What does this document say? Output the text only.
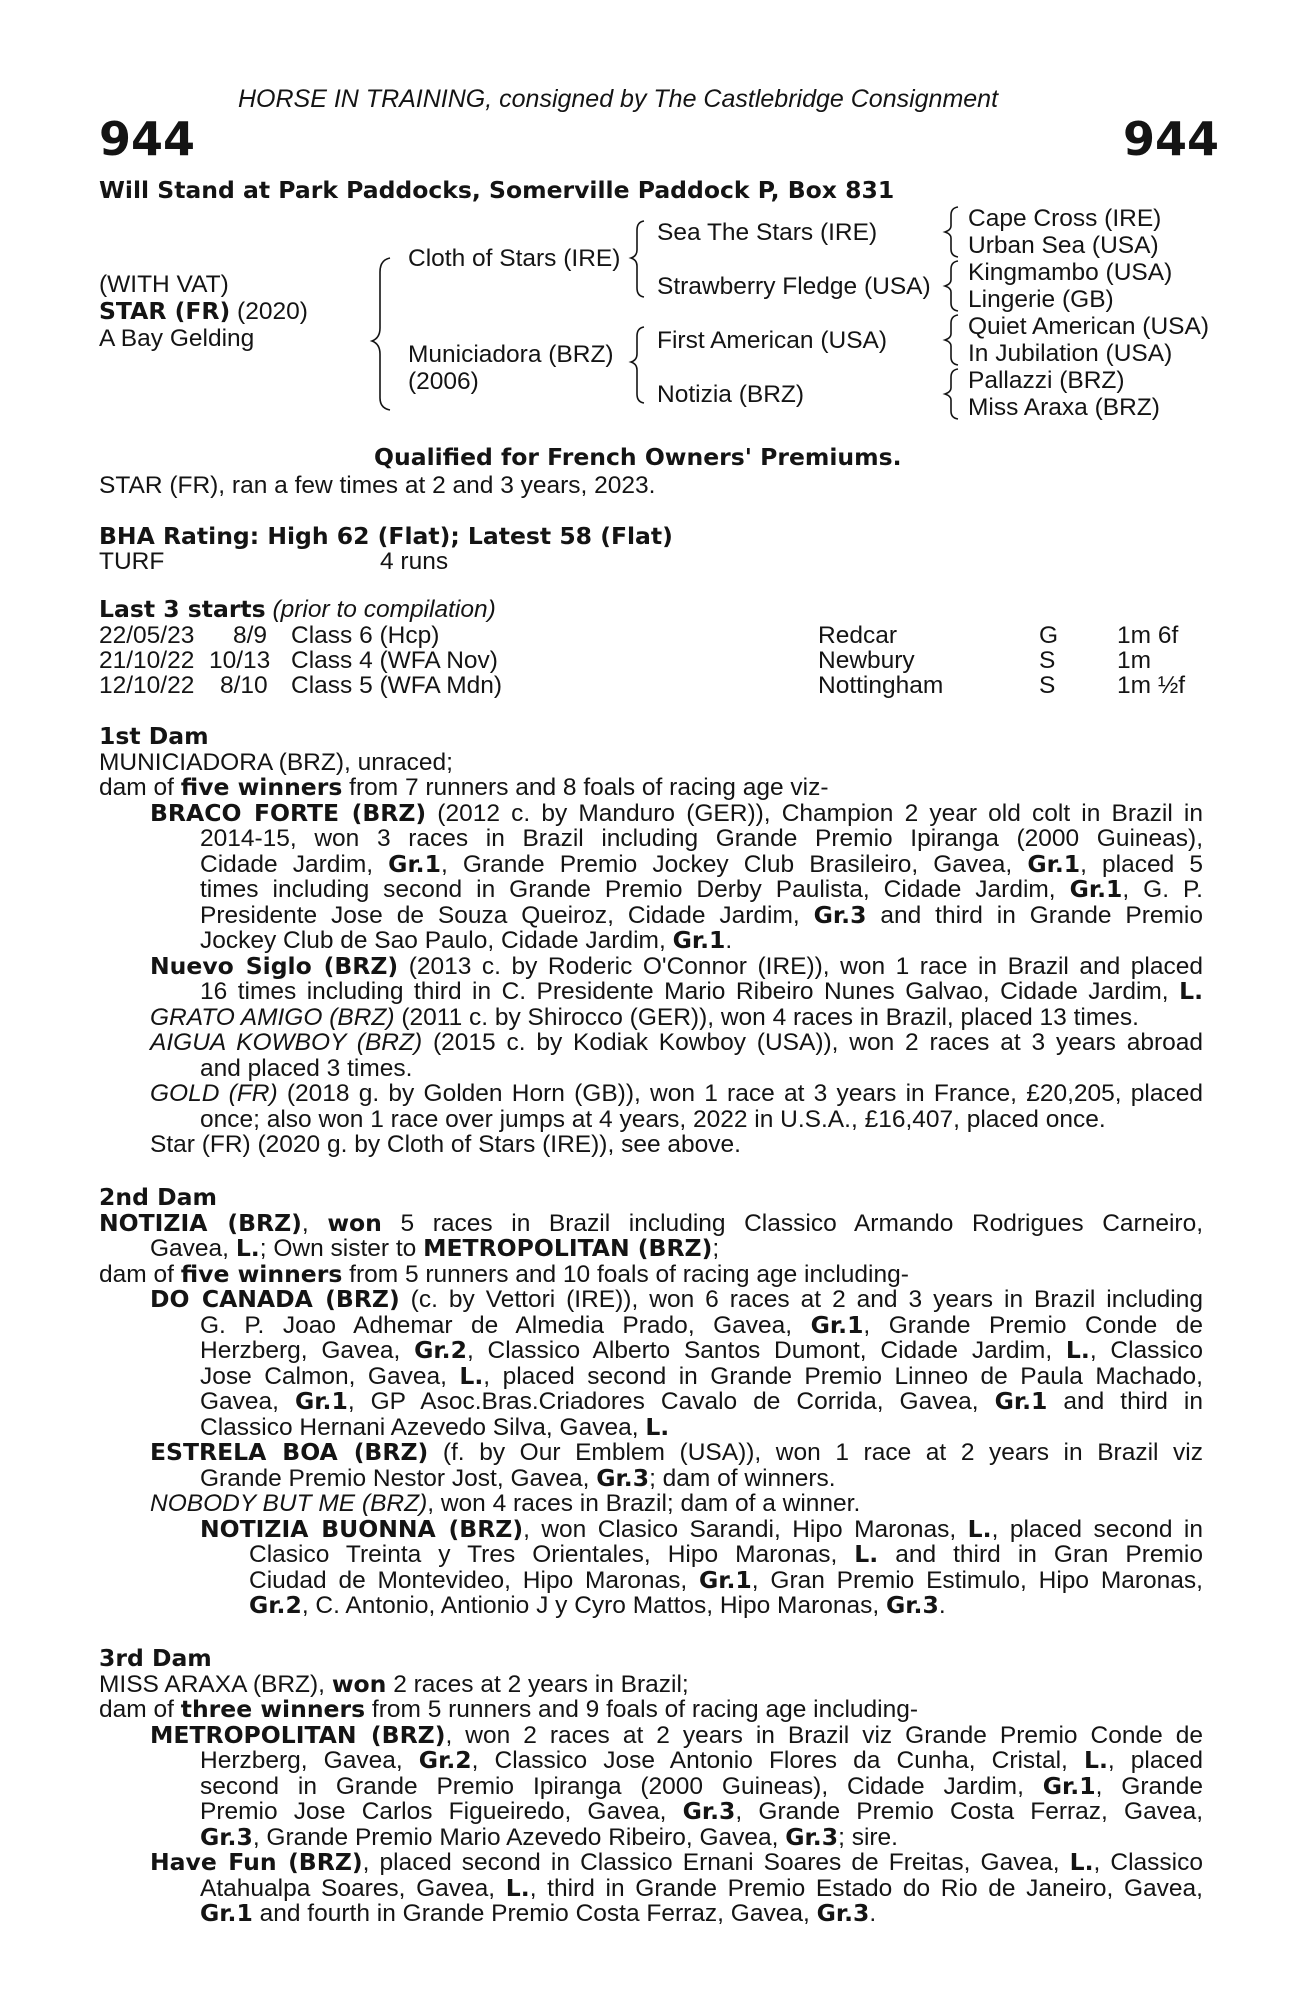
HORSE IN TRAINING, consigned by The Castlebridge Consignment
944	944
Will Stand at Park Paddocks, Somerville Paddock P, Box 831
(WITH VAT)
STAR (FR) (2020)
A Bay Gelding
Cloth of Stars (IRE)
Municiadora (BRZ)
(2006)
Sea The Stars (IRE)
Strawberry Fledge (USA)
First American (USA)
Notizia (BRZ)
Cape Cross (IRE)
Urban Sea (USA)
Kingmambo (USA)
Lingerie (GB)
Quiet American (USA)
In Jubilation (USA)
Pallazzi (BRZ)
Miss Araxa (BRZ)
Qualified for French Owners' Premiums.
STAR (FR), ran a few times at 2 and 3 years, 2023.
BHA Rating: High 62 (Flat); Latest 58 (Flat)
TURF	4 runs
Last 3 starts (prior to compilation)
22/05/23 8/9 Class 6 (Hcp)	Redcar	G 1m 6f
21/10/22 10/13 Class 4 (WFA Nov)	Newbury	S	1m
12/10/22 8/10 Class 5 (WFA Mdn)	Nottingham	S	1m ½f
1st Dam
MUNICIADORA (BRZ), unraced;
dam of five winners from 7 runners and 8 foals of racing age viz-
BRACO FORTE (BRZ) (2012 c. by Manduro (GER)), Champion 2 year old colt in Brazil in
2014-15, won 3 races in Brazil including Grande Premio Ipiranga (2000 Guineas),
Cidade Jardim, Gr.1, Grande Premio Jockey Club Brasileiro, Gavea, Gr.1, placed 5
times including second in Grande Premio Derby Paulista, Cidade Jardim, Gr.1, G. P.
Presidente Jose de Souza Queiroz, Cidade Jardim, Gr.3 and third in Grande Premio
Jockey Club de Sao Paulo, Cidade Jardim, Gr.1.
Nuevo Siglo (BRZ) (2013 c. by Roderic O'Connor (IRE)), won 1 race in Brazil and placed
16 times including third in C. Presidente Mario Ribeiro Nunes Galvao, Cidade Jardim, L.
GRATO AMIGO (BRZ) (2011 c. by Shirocco (GER)), won 4 races in Brazil, placed 13 times.
AIGUA KOWBOY (BRZ) (2015 c. by Kodiak Kowboy (USA)), won 2 races at 3 years abroad
and placed 3 times.
GOLD (FR) (2018 g. by Golden Horn (GB)), won 1 race at 3 years in France, £20,205, placed
once; also won 1 race over jumps at 4 years, 2022 in U.S.A., £16,407, placed once.
Star (FR) (2020 g. by Cloth of Stars (IRE)), see above.
2nd Dam
NOTIZIA (BRZ), won 5 races in Brazil including Classico Armando Rodrigues Carneiro,
Gavea, L.; Own sister to METROPOLITAN (BRZ);
dam of five winners from 5 runners and 10 foals of racing age including-
DO CANADA (BRZ) (c. by Vettori (IRE)), won 6 races at 2 and 3 years in Brazil including
G. P. Joao Adhemar de Almedia Prado, Gavea, Gr.1, Grande Premio Conde de
Herzberg, Gavea, Gr.2, Classico Alberto Santos Dumont, Cidade Jardim, L., Classico
Jose Calmon, Gavea, L., placed second in Grande Premio Linneo de Paula Machado,
Gavea, Gr.1, GP Asoc.Bras.Criadores Cavalo de Corrida, Gavea, Gr.1 and third in
Classico Hernani Azevedo Silva, Gavea, L.
ESTRELA BOA (BRZ) (f. by Our Emblem (USA)), won 1 race at 2 years in Brazil viz
Grande Premio Nestor Jost, Gavea, Gr.3; dam of winners.
NOBODY BUT ME (BRZ), won 4 races in Brazil; dam of a winner.
NOTIZIA BUONNA (BRZ), won Clasico Sarandi, Hipo Maronas, L., placed second in
Clasico Treinta y Tres Orientales, Hipo Maronas, L. and third in Gran Premio
Ciudad de Montevideo, Hipo Maronas, Gr.1, Gran Premio Estimulo, Hipo Maronas,
Gr.2, C. Antonio, Antionio J y Cyro Mattos, Hipo Maronas, Gr.3.
3rd Dam
MISS ARAXA (BRZ), won 2 races at 2 years in Brazil;
dam of three winners from 5 runners and 9 foals of racing age including-
METROPOLITAN (BRZ), won 2 races at 2 years in Brazil viz Grande Premio Conde de
Herzberg, Gavea, Gr.2, Classico Jose Antonio Flores da Cunha, Cristal, L., placed
second in Grande Premio Ipiranga (2000 Guineas), Cidade Jardim, Gr.1, Grande
Premio Jose Carlos Figueiredo, Gavea, Gr.3, Grande Premio Costa Ferraz, Gavea,
Gr.3, Grande Premio Mario Azevedo Ribeiro, Gavea, Gr.3; sire.
Have Fun (BRZ), placed second in Classico Ernani Soares de Freitas, Gavea, L., Classico
Atahualpa Soares, Gavea, L., third in Grande Premio Estado do Rio de Janeiro, Gavea,
Gr.1 and fourth in Grande Premio Costa Ferraz, Gavea, Gr.3.
